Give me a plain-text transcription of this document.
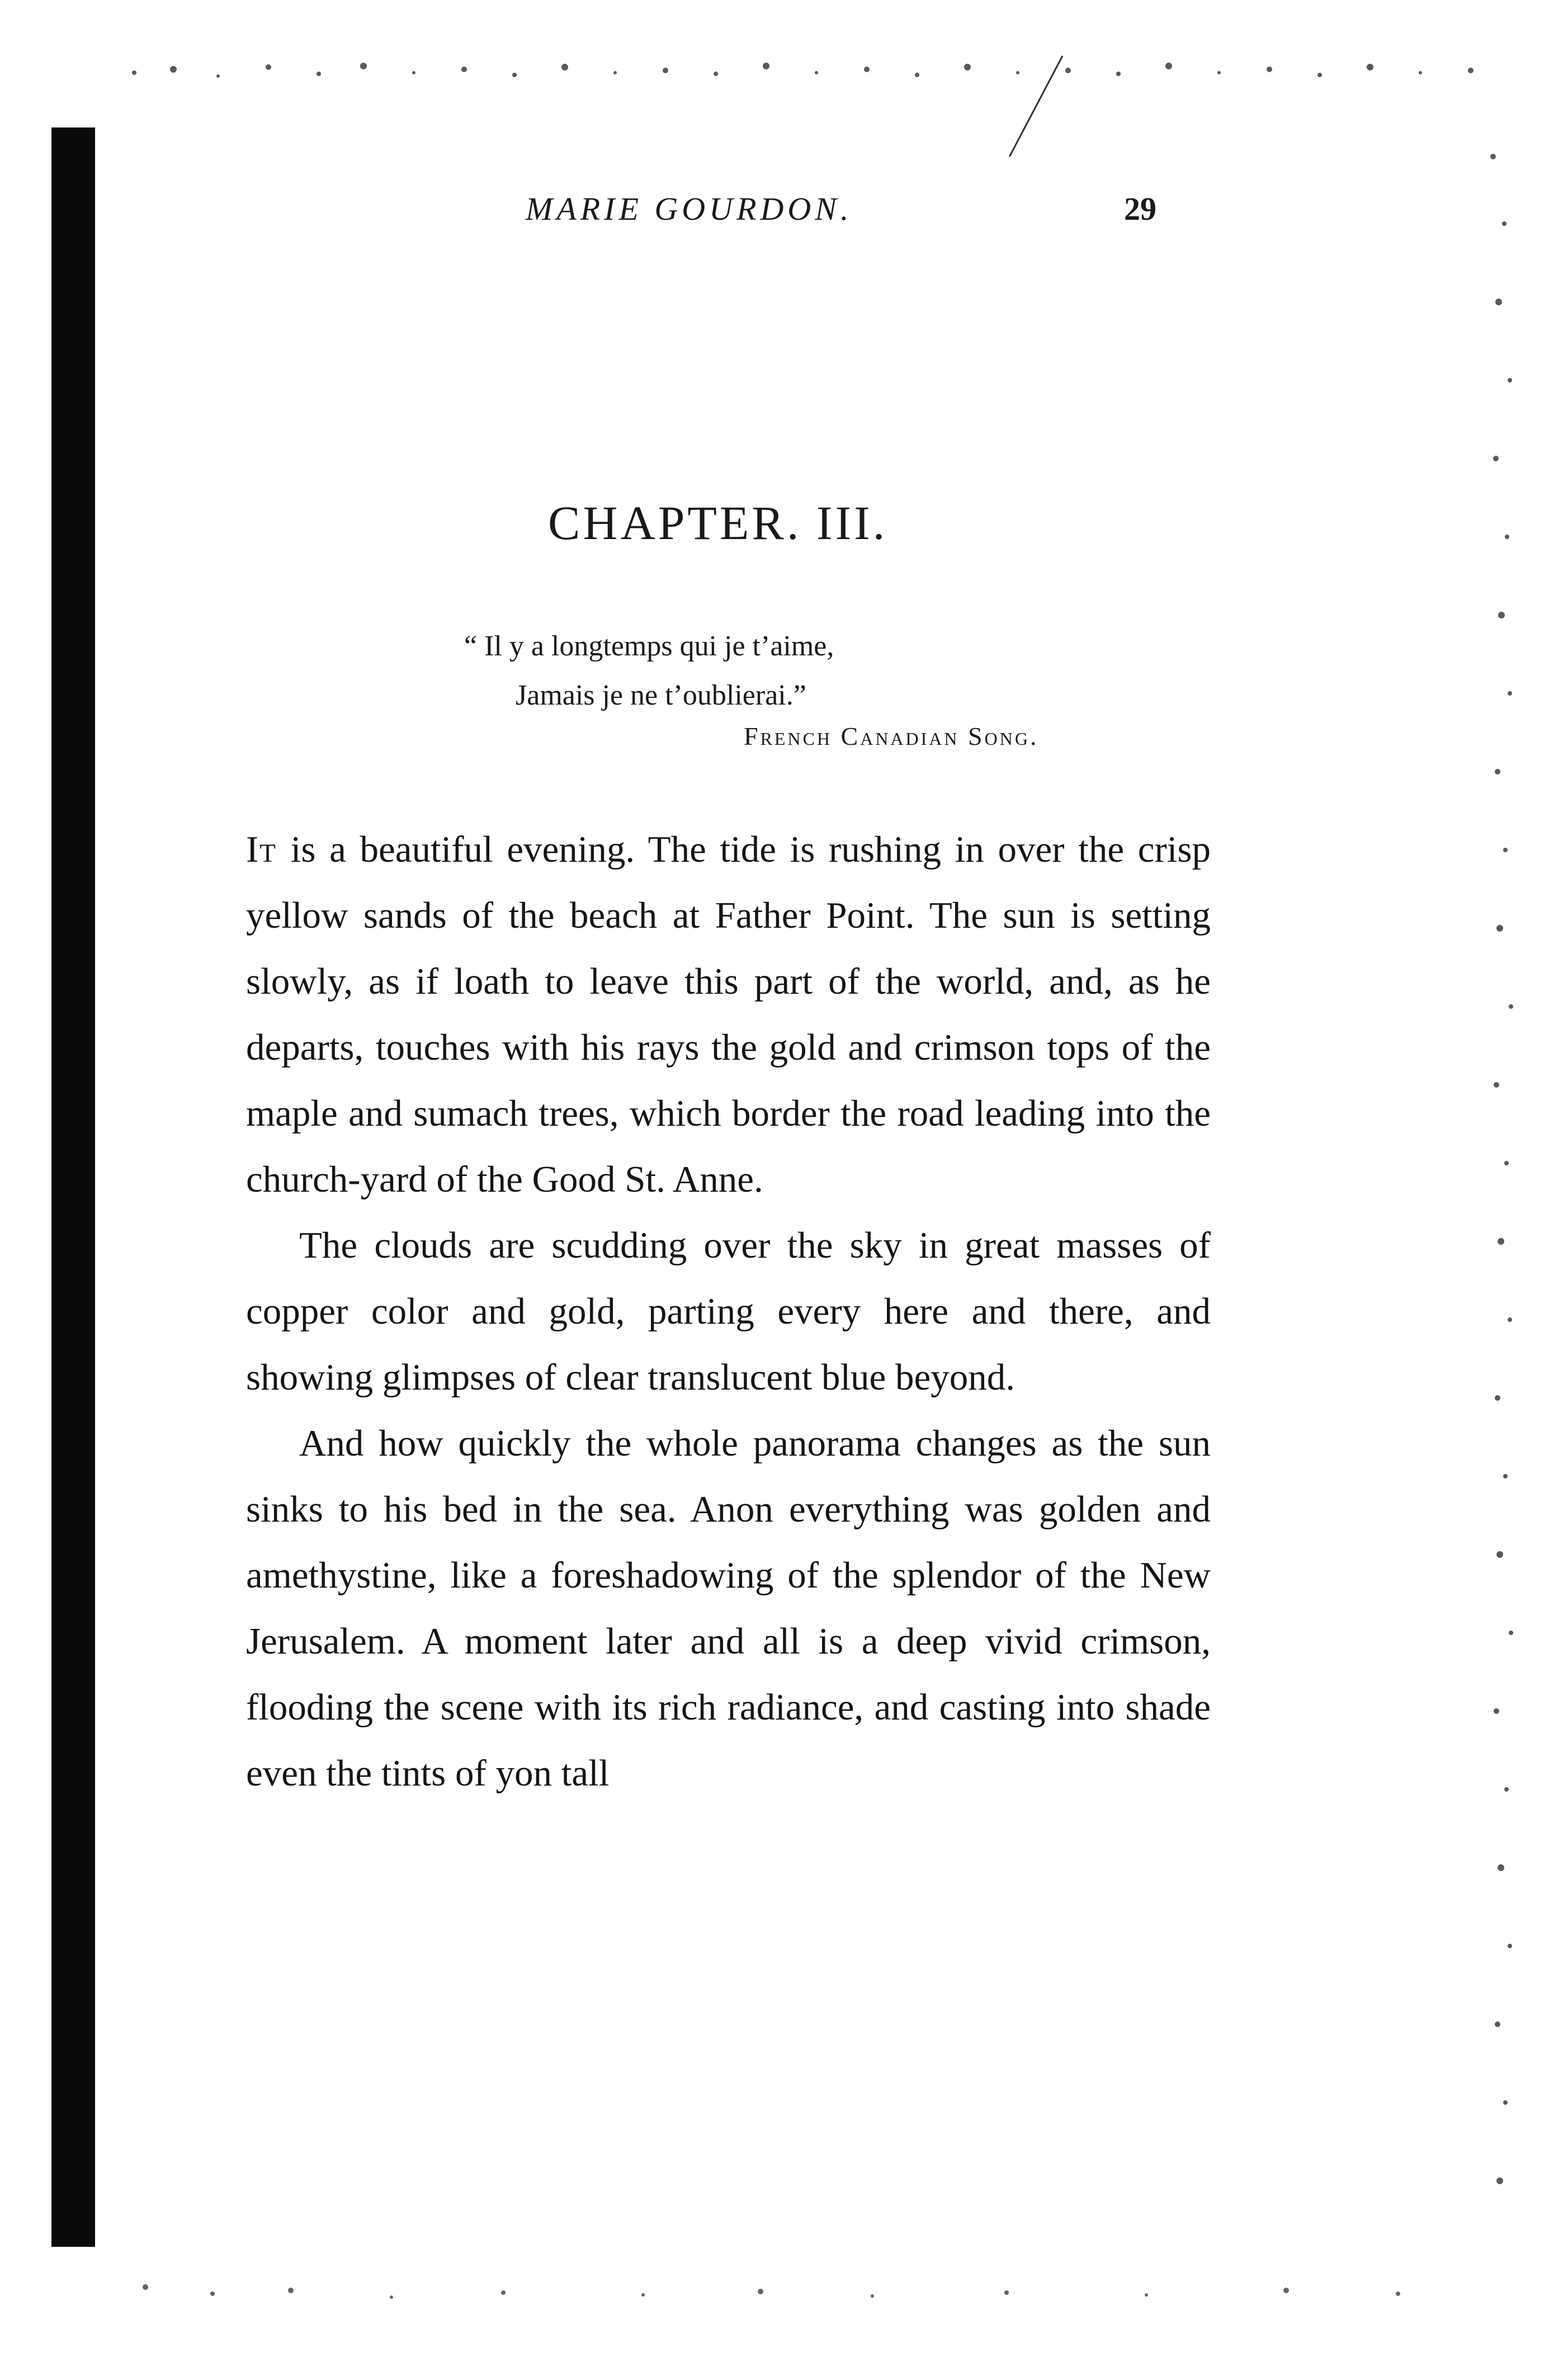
MARIE GOURDON.	29
CHAPTER. III.
“ Il y a longtemps qui je t’aime,
Jamais je ne t’oublierai.”
French Canadian Song.

It is a beautiful evening. The tide is rushing in over the crisp yellow sands of the beach at Father Point. The sun is setting slowly, as if loath to leave this part of the world, and, as he departs, touches with his rays the gold and crimson tops of the maple and sumach trees, which border the road leading into the church-yard of the Good St. Anne.

The clouds are scudding over the sky in great masses of copper color and gold, parting every here and there, and showing glimpses of clear translucent blue beyond.

And how quickly the whole panorama changes as the sun sinks to his bed in the sea. Anon everything was golden and amethystine, like a foreshadowing of the splendor of the New Jerusalem. A moment later and all is a deep vivid crimson, flooding the scene with its rich radiance, and casting into shade even the tints of yon tall
